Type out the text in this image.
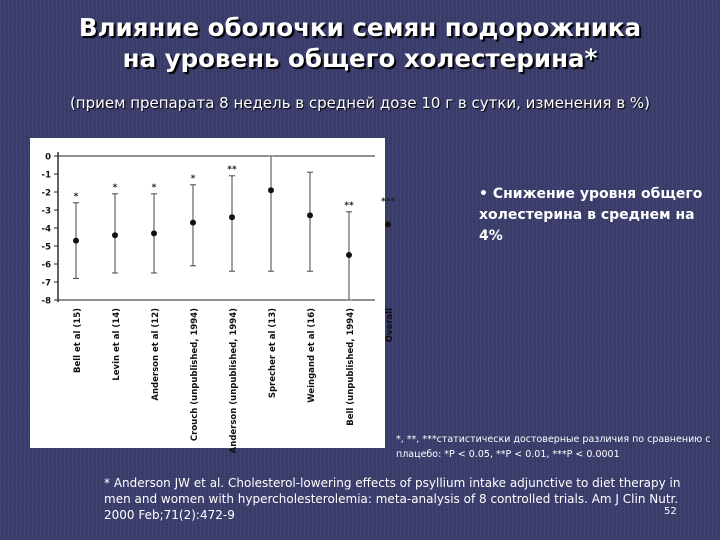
Влияние оболочки семян подорожника
на уровень общего холестерина*
(прием препарата 8 недель в средней дозе 10 г в сутки, изменения в %)
0
-1
-2
-3
-4
-5
-6
-7
-8
*
Bell et al (15)
*
Levin et al (14)
*
Anderson et al (12)
*
Crouch (unpublished, 1994)
**
Anderson (unpublished, 1994)	Sprecher et al (13)	Weingand et al (16)
**
Bell (unpublished, 1994)
***
Overall
• Снижение уровня общего холестерина в среднем на 4%
*, **, ***статистически достоверные различия по сравнению с плацебо: *P < 0.05, **P < 0.01, ***P < 0.0001
* Anderson JW et al. Cholesterol-lowering effects of psyllium intake adjunctive to diet therapy in men and women with hypercholesterolemia: meta-analysis of 8 controlled trials. Am J Clin Nutr. 2000 Feb;71(2):472-9	52
